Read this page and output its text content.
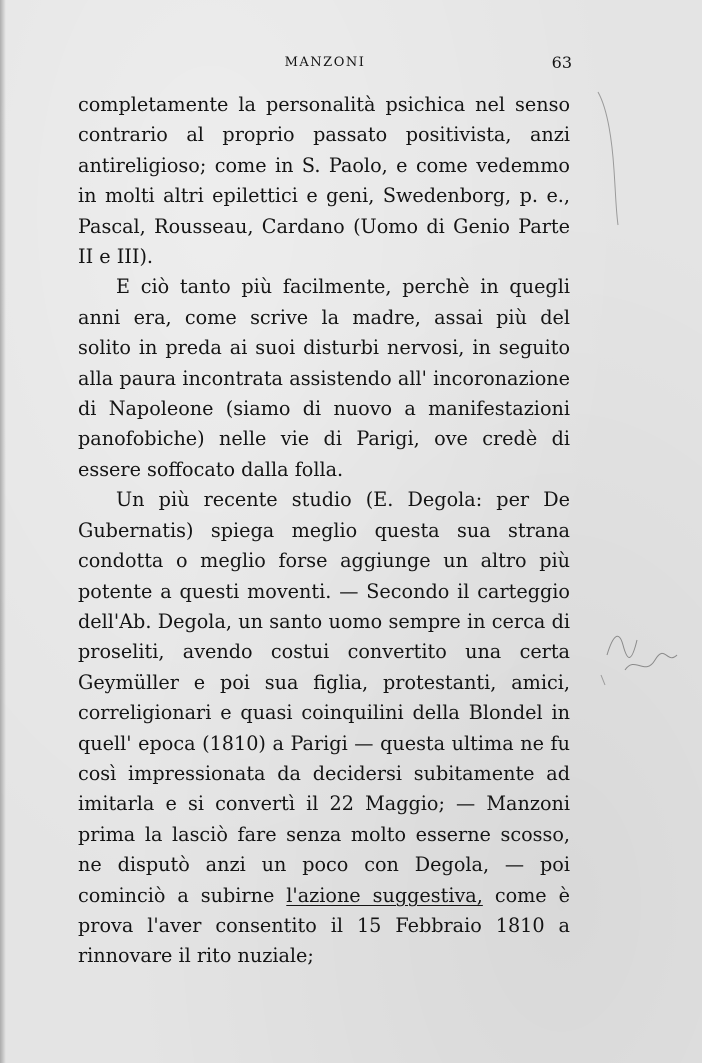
MANZONI	63

completamente la personalità psichica nel senso contrario al proprio passato positivista, anzi antireligioso; come in S. Paolo, e come vedemmo in molti altri epilettici e geni, Swedenborg, p. e., Pascal, Rousseau, Cardano (Uomo di Genio Parte II e III).

E ciò tanto più facilmente, perchè in quegli anni era, come scrive la madre, assai più del solito in preda ai suoi disturbi nervosi, in seguito alla paura incontrata assistendo all' incoronazione di Napoleone (siamo di nuovo a manifestazioni panofobiche) nelle vie di Parigi, ove credè di essere soffocato dalla folla.

Un più recente studio (E. Degola: per De Gubernatis) spiega meglio questa sua strana condotta o meglio forse aggiunge un altro più potente a questi moventi. — Secondo il carteggio dell'Ab. Degola, un santo uomo sempre in cerca di proseliti, avendo costui convertito una certa Geymüller e poi sua figlia, protestanti, amici, correligionari e quasi coinquilini della Blondel in quell' epoca (1810) a Parigi — questa ultima ne fu così impressionata da decidersi subitamente ad imitarla e si convertì il 22 Maggio; — Manzoni prima la lasciò fare senza molto esserne scosso, ne disputò anzi un poco con Degola, — poi cominciò a subirne l'azione suggestiva, come è prova l'aver consentito il 15 Febbraio 1810 a rinnovare il rito nuziale;
